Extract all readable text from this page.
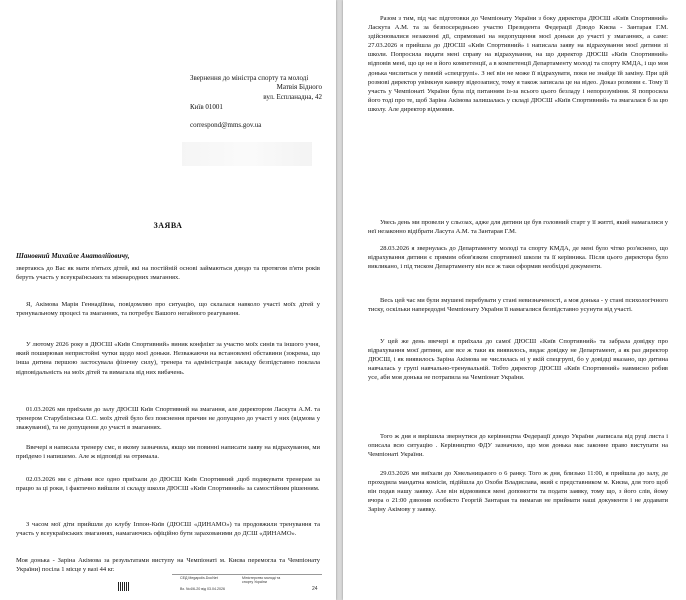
Звернення до міністра спорту та молоді
Матвія Бідного
вул. Еспланадна, 42
Київ 01001
correspond@mms.gov.ua
ЗАЯВА
Шановний Михайле Анатолійовичу,
звертаюсь до Вас як мати п'ятьох дітей, які на постійній основі займаються дзюдо та протягом п'яти років беруть участь у всеукраїнських та міжнародних змаганнях.
Я, Акімова Марія Геннадіївна, повідомляю про ситуацію, що склалася навколо участі моїх дітей у тренувальному процесі та змаганнях, та потребує Вашого негайного реагування.
У лютому 2026 року в ДЮСШ «Київ Спортивний» виник конфлікт за участю моїх синів та іншого учня, який поширював непристойні чутки щодо моєї доньки. Незважаючи на встановлені обставини (зокрема, що інша дитина першою застосувала фізичну силу), тренера та адміністрація закладу безпідставно поклала відповідальність на моїх дітей та вимагала від них вибачень.
01.03.2026 ми приїхали до залу ДЮСШ Київ Спортивний на змагання, але директором Ласкута А.М. та тренером Старублінська О.С. моїх дітей було без пояснення причин не допущено до участі у них (відмова у зважуванні), та не допущення до участі в змаганнях.
Ввечері я написала тренеру смс, в якому зазначила, якщо ми повинні написати заяву на відрахування, ми приїдемо і напишемо. Але ж відповіді на отримала.
02.03.2026 ми с дітьми все одно приїхали до ДЮСШ Київ Спортивний ,щоб подякувати тренерам за працю за ці роки, і фактично вийшли зі складу школи ДЮСШ «Київ Спортивний» за самостійним рішенням.
З часом мої діти прийшли до клубу Іппон-Київ (ДЮСШ «ДИНАМО») та продовжили тренування та участь у всеукраїнських змаганнях, намагаючись офіційно бути зарахованими до ДСШ «ДИНАМО».
Моя донька - Заріна Акімова за результатами виступу на Чемпіонаті м. Києва перемогла та Чемпіонату України) посіла 1 місце у вазі 44 кг.
СЕД Megapolis.DocNet	Міністерство молоді та спорту України
Вх. №4/6-20 від 03.04.2026	24
Разом з тим, під час підготовки до Чемпіонату України з боку директора ДЮСШ «Київ Спортивний» Ласкута А.М. та за безпосередньою участю Президента Федерації Дзюдо Києва - Зантарая Г.М. здійснювалися незаконні дії, спрямовані на недопущення моєї доньки до участі у змаганнях, а саме: 27.03.2026 я прийшла до ДЮСШ «Київ Спортивний» і написала заяву на відрахування моєї дитини зі школи. Попросила видати мені справу на відрахування, на що директор ДЮСШ «Київ Спортивний» відповів мені, що це не в його компетенції, а в компетенції Департаменту молоді та спорту КМДА, і що моя донька числиться у певній «спецгрупі». З неї він не може її відрахувати, поки не знайде їй заміну. При цій розмові директор увімкнув камеру відеозапису, тому я також записала це на відео. Доказ розмови є. Тому її участь у Чемпіонаті України була під питанням із-за всього цього безладу і непорозуміння. Я попросила його тоді про те, щоб Заріна Акімова залишалась у складі ДЮСШ «Київ Спортивний» та змагалася б за цю школу. Але директор відмовив.
Увесь день ми провели у сльозах, адже для дитини це був головний старт у її житті, який намагалися у неї незаконно відібрати Ласута А.М. та Зантарая Г.М.
28.03.2026 я звернулась до Департаменту молоді та спорту КМДА, де мені було чітко роз'яснено, що відрахування дитини є прямим обов'язком спортивної школи та її керівника. Після цього директора було викликано, і під тиском Департаменту він все ж таки оформив необхідні документи.
Весь цей час ми були змушені перебувати у стані невизначеності, а моя донька - у стані психологічного тиску, оскільки напередодні Чемпіонату України її намагалися безпідставно усунути від участі.
У цей же день ввечері я приїхала до самої ДЮСШ «Київ Спортивний» та забрала довідку про відрахування моєї дитини, але все ж таки як виявилось, видає довідку не Департамент, а як раз директор ДЮСШ, і як виявилось Заріна Акімова не числилась ні у якій спецгрупі, бо у довідці вказано, що дитина навчалась у групі навчально-тренувальній. Тобто директор ДЮСШ «Київ Спортивний» навмисно робив усе, аби моя донька не потрапила на Чемпіонат України.
Того ж дня я вирішила звернутися до керівництва Федерації дзюдо України ,написала від руці листа і описала всю ситуацію . Керівництво ФДУ зазначило, що моя донька має законне право виступати на Чемпіонаті України.
29.03.2026 ми виїхали до Хмельницького о 6 ранку. Того ж дня, близько 11:00, я прийшла до залу, де проходила мандатна комісія, підійшла до Охоби Владислава, який є представником м. Києва, для того щоб він подав нашу заявку. Але він відмовився мені допомогти та подати заявку, тому що, з його слів, йому вчора о 21:00 дзвонив особисто Георгій Зантарая та вимагав не приймати наші документи і не додавати Заріну Акімову у заявку.
